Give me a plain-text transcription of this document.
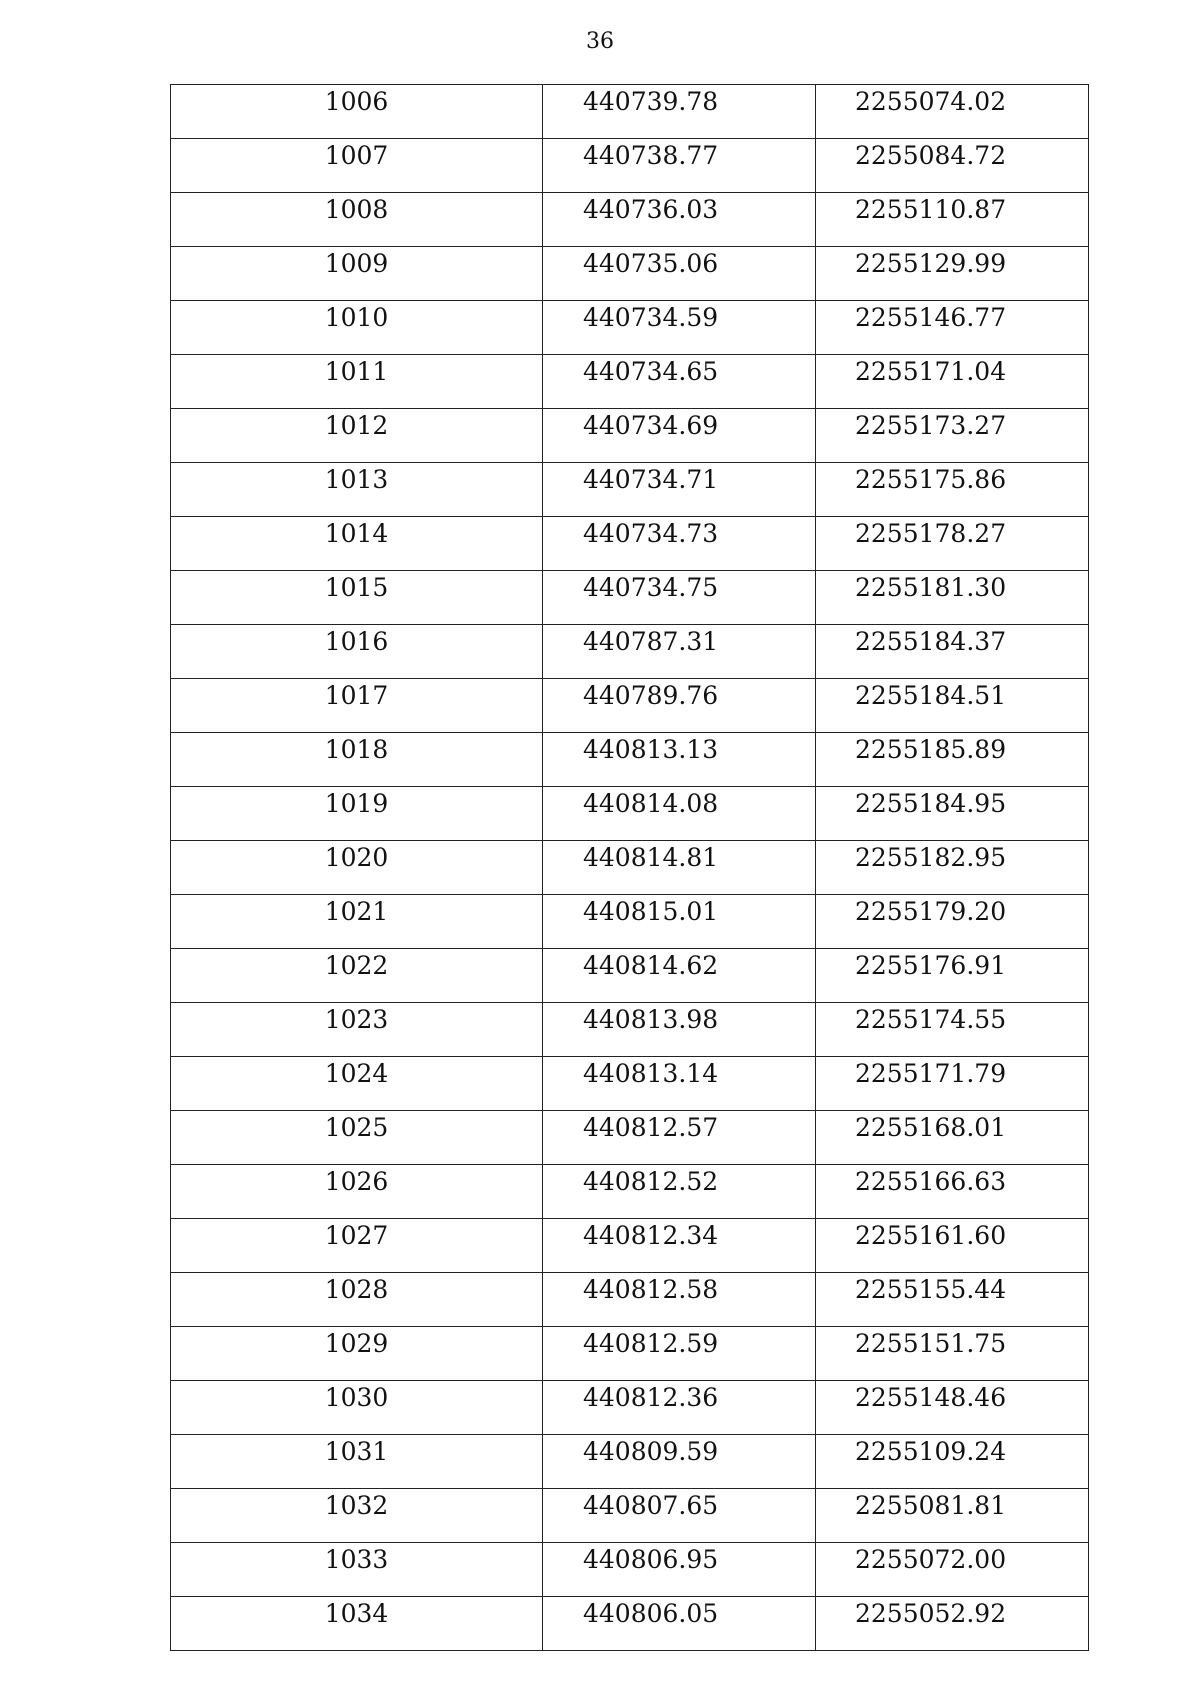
36
1006	440739.78	2255074.02

1007	440738.77	2255084.72

1008	440736.03	2255110.87

1009	440735.06	2255129.99

1010	440734.59	2255146.77

1011	440734.65	2255171.04

1012	440734.69	2255173.27

1013	440734.71	2255175.86

1014	440734.73	2255178.27

1015	440734.75	2255181.30

1016	440787.31	2255184.37

1017	440789.76	2255184.51

1018	440813.13	2255185.89

1019	440814.08	2255184.95

1020	440814.81	2255182.95

1021	440815.01	2255179.20

1022	440814.62	2255176.91

1023	440813.98	2255174.55

1024	440813.14	2255171.79

1025	440812.57	2255168.01

1026	440812.52	2255166.63

1027	440812.34	2255161.60

1028	440812.58	2255155.44

1029	440812.59	2255151.75

1030	440812.36	2255148.46

1031	440809.59	2255109.24

1032	440807.65	2255081.81

1033	440806.95	2255072.00

1034	440806.05	2255052.92
